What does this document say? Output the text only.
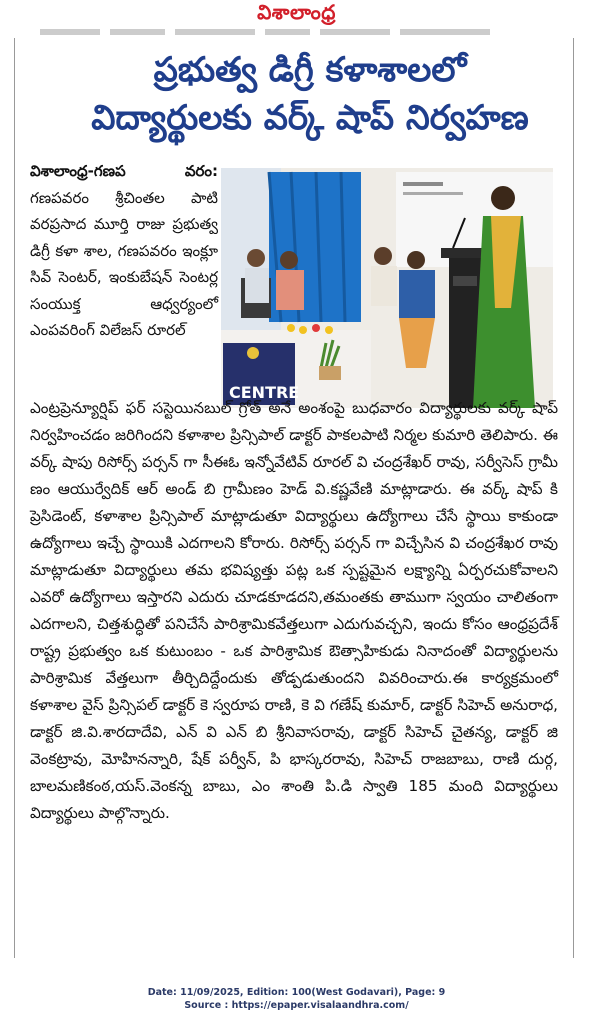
విశాలాంధ్ర
ప్రభుత్వ డిగ్రీ కళాశాలలో
విద్యార్థులకు వర్క్ షాప్ నిర్వహణ
విశాలాంధ్ర-గణప వరం: గణపవరం శ్రీచింతల పాటి వరప్రసాద మూర్తి రాజు ప్రభుత్వ డిగ్రీ కళా శాల, గణపవరం ఇంక్లూ సివ్ సెంటర్, ఇంకుబేషన్ సెంటర్ల సంయుక్త ఆధ్వర్యంలో ఎంపవరింగ్ విలేజస్ రూరల్
CENTRE
ఎంట్రప్రెన్యూర్షిప్ ఫర్ సస్టెయినబుల్ గ్రోత్ అనే అంశంపై బుధవారం విద్యార్థులకు వర్క్ షాప్ నిర్వహించడం జరిగిందని కళాశాల ప్రిన్సిపాల్ డాక్టర్ పాకలపాటి నిర్మల కుమారి తెలిపారు. ఈ వర్క్ షాపు రిసోర్స్ పర్సన్ గా సీఈఓ ఇన్నోవేటివ్ రూరల్ వి చంద్రశేఖర్ రావు, సర్వీసెస్ గ్రామీ ణం ఆయుర్వేదిక్ ఆర్ అండ్ బి గ్రామీణం హెడ్ వి.కష్ణవేణి మాట్లాడారు. ఈ వర్క్ షాప్ కి ప్రెసిడెంట్, కళాశాల ప్రిన్సిపాల్ మాట్లాడుతూ విద్యార్థులు ఉద్యోగాలు చేసే స్థాయి కాకుండా ఉద్యోగాలు ఇచ్చే స్థాయికి ఎదగాలని కోరారు. రిసోర్స్ పర్సన్ గా విచ్చేసిన వి చంద్రశేఖర రావు మాట్లాడుతూ విద్యార్థులు తమ భవిష్యత్తు పట్ల ఒక స్పష్టమైన లక్ష్యాన్ని ఏర్పరచుకోవాలని ఎవరో ఉద్యోగాలు ఇస్తారని ఎదురు చూడకూడదని,తమంతకు తాముగా స్వయం చాలితంగా ఎదగాలని, చిత్తశుద్ధితో పనిచేసే పారిశ్రామికవేత్తలుగా ఎదుగువచ్చని, ఇందు కోసం ఆంధ్రప్రదేశ్ రాష్ట్ర ప్రభుత్వం ఒక కుటుంబం - ఒక పారిశ్రామిక ఔత్సాహికుడు నినాదంతో విద్యార్థులను పారిశ్రామిక వేత్తలుగా తీర్చిదిద్దేందుకు తోడ్పడుతుందని వివరించారు.ఈ కార్యక్రమంలో కళాశాల వైస్ ప్రిన్సిపల్ డాక్టర్ కె స్వరూప రాణి, కె వి గణేష్ కుమార్, డాక్టర్ సిహెచ్ అనురాధ, డాక్టర్ జి.వి.శారదాదేవి, ఎన్ వి ఎన్ బి శ్రీనివాసరావు, డాక్టర్ సిహెచ్ చైతన్య, డాక్టర్ జి వెంకట్రావు, మోహినన్నారి, షేక్ పర్వీన్, పి భాస్కరరావు, సిహెచ్ రాజబాబు, రాణి దుర్గ, బాలమణికంఠ,యస్.వెంకన్న బాబు, ఎం శాంతి పి.డి స్వాతి 185 మంది విద్యార్థులు విద్యార్థులు పాల్గొన్నారు.
Date: 11/09/2025, Edition: 100(West Godavari), Page: 9
Source : https://epaper.visalaandhra.com/
